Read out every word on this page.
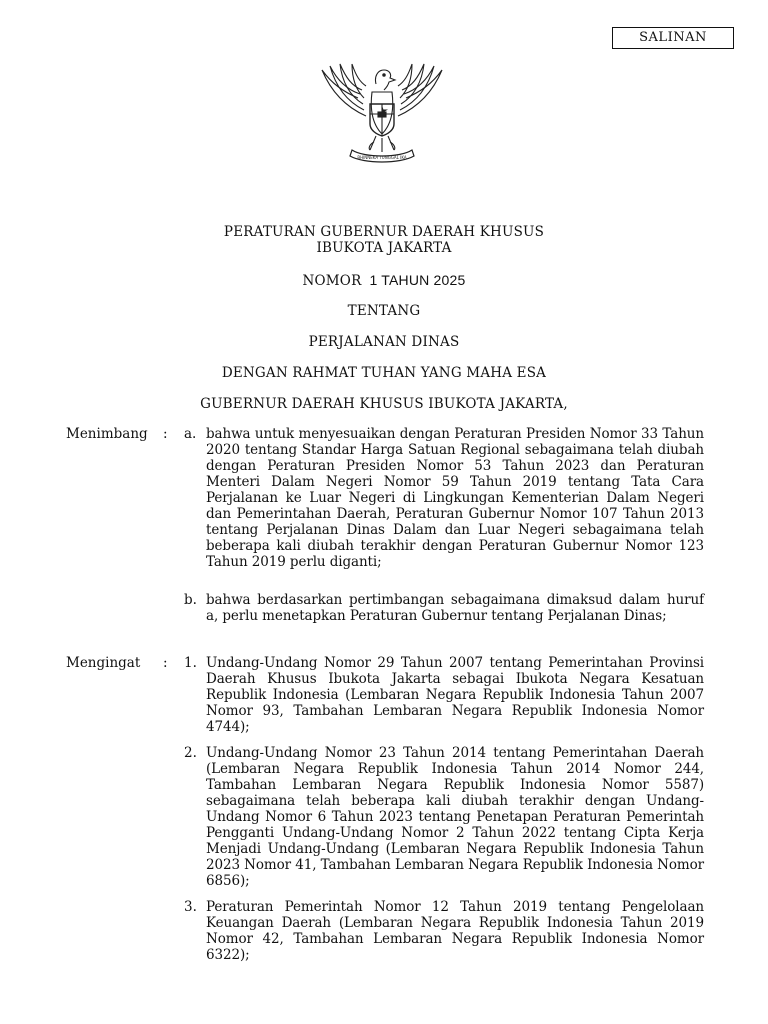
SALINAN
BHINNEKA TUNGGAL IKA
PERATURAN GUBERNUR DAERAH KHUSUS
IBUKOTA JAKARTA
NOMOR 1 TAHUN 2025
TENTANG
PERJALANAN DINAS
DENGAN RAHMAT TUHAN YANG MAHA ESA
GUBERNUR DAERAH KHUSUS IBUKOTA JAKARTA,
Menimbang : a. bahwa untuk menyesuaikan dengan Peraturan Presiden Nomor 33 Tahun 2020 tentang Standar Harga Satuan Regional sebagaimana telah diubah dengan Peraturan Presiden Nomor 53 Tahun 2023 dan Peraturan Menteri Dalam Negeri Nomor 59 Tahun 2019 tentang Tata Cara Perjalanan ke Luar Negeri di Lingkungan Kementerian Dalam Negeri dan Pemerintahan Daerah, Peraturan Gubernur Nomor 107 Tahun 2013 tentang Perjalanan Dinas Dalam dan Luar Negeri sebagaimana telah beberapa kali diubah terakhir dengan Peraturan Gubernur Nomor 123 Tahun 2019 perlu diganti;
b. bahwa berdasarkan pertimbangan sebagaimana dimaksud dalam huruf a, perlu menetapkan Peraturan Gubernur tentang Perjalanan Dinas;
Mengingat : 1. Undang-Undang Nomor 29 Tahun 2007 tentang Pemerintahan Provinsi Daerah Khusus Ibukota Jakarta sebagai Ibukota Negara Kesatuan Republik Indonesia (Lembaran Negara Republik Indonesia Tahun 2007 Nomor 93, Tambahan Lembaran Negara Republik Indonesia Nomor 4744);
2. Undang-Undang Nomor 23 Tahun 2014 tentang Pemerintahan Daerah (Lembaran Negara Republik Indonesia Tahun 2014 Nomor 244, Tambahan Lembaran Negara Republik Indonesia Nomor 5587) sebagaimana telah beberapa kali diubah terakhir dengan Undang-Undang Nomor 6 Tahun 2023 tentang Penetapan Peraturan Pemerintah Pengganti Undang-Undang Nomor 2 Tahun 2022 tentang Cipta Kerja Menjadi Undang-Undang (Lembaran Negara Republik Indonesia Tahun 2023 Nomor 41, Tambahan Lembaran Negara Republik Indonesia Nomor 6856);
3. Peraturan Pemerintah Nomor 12 Tahun 2019 tentang Pengelolaan Keuangan Daerah (Lembaran Negara Republik Indonesia Tahun 2019 Nomor 42, Tambahan Lembaran Negara Republik Indonesia Nomor 6322);
